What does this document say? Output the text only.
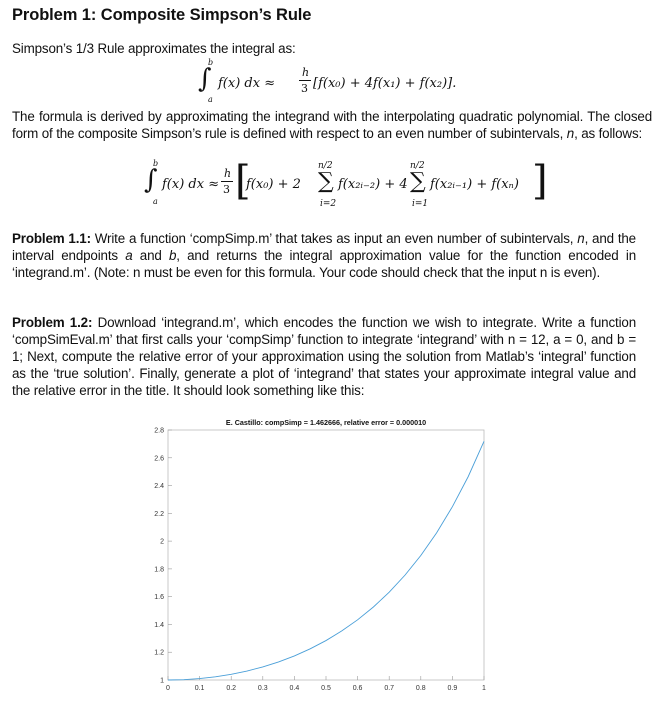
Problem 1: Composite Simpson’s Rule

Simpson’s 1/3 Rule approximates the integral as:

b
∫
a
f(x) dx ≈
h
3 [f(x₀) + 4f(x₁) + f(x₂)].

The formula is derived by approximating the integrand with the interpolating quadratic polynomial. The closed form of the composite Simpson’s rule is defined with respect to an even number of subintervals, n, as follows:

b
∫
a
f(x) dx ≈
h
3 [
f(x₀) + 2
n/2
∑
i=2
f(x₂ᵢ₋₂) + 4
n/2
∑
i=1
f(x₂ᵢ₋₁) + f(xₙ) ]

Problem 1.1: Write a function ‘compSimp.m’ that takes as input an even number of subintervals, n, and the interval endpoints a and b, and returns the integral approximation value for the function encoded in ‘integrand.m’. (Note: n must be even for this formula. Your code should check that the input n is even).

Problem 1.2: Download ‘integrand.m’, which encodes the function we wish to integrate. Write a function ‘compSimEval.m’ that first calls your ‘compSimp’ function to integrate ‘integrand’ with n = 12, a = 0, and b = 1; Next, compute the relative error of your approximation using the solution from Matlab’s ‘integral’ function as the ‘true solution’. Finally, generate a plot of ‘integrand’ that states your approximate integral value and the relative error in the title. It should look something like this:

1
1.2
1.4
1.6
1.8
2
2.2
2.4
2.6
2.8
0	0.1	0.2	0.3	0.4	0.5	0.6	0.7	0.8	0.9	1
E. Castillo: compSimp = 1.462666, relative error = 0.000010
